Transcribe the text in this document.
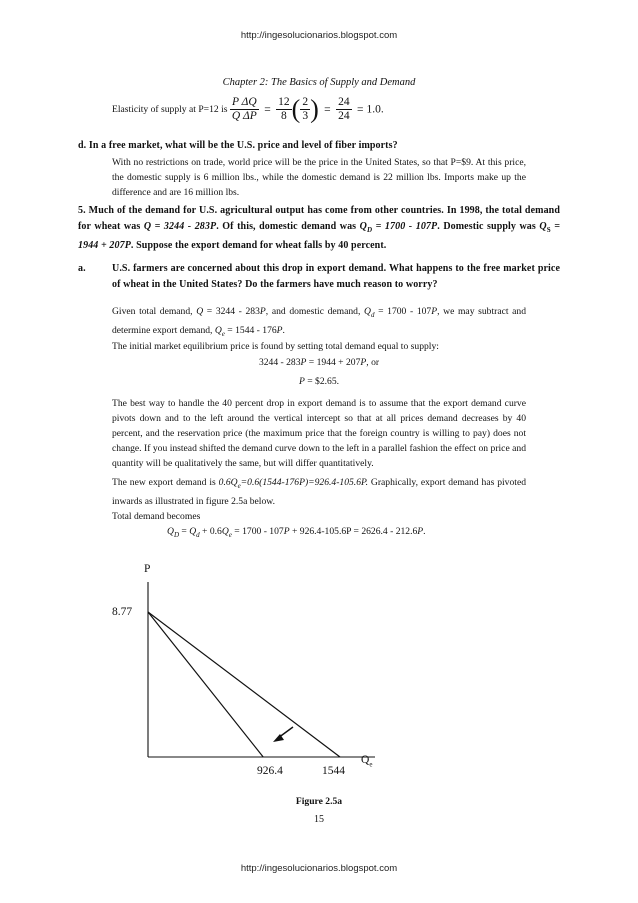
http://ingesolucionarios.blogspot.com
Chapter 2: The Basics of Supply and Demand
Elasticity of supply at P=12 is $\frac{\text{P ΔQ}}{\text{Q ΔP}} = \frac{12}{8}$ ( $\frac{2}{3}$ ) = $\frac{24}{24} = 1.0$.
d. In a free market, what will be the U.S. price and level of fiber imports?
With no restrictions on trade, world price will be the price in the United States, so that P=$9. At this price, the domestic supply is 6 million lbs., while the domestic demand is 22 million lbs. Imports make up the difference and are 16 million lbs.
5. Much of the demand for U.S. agricultural output has come from other countries. In 1998, the total demand for wheat was Q = 3244 - 283P. Of this, domestic demand was $Q_D = 1700 - 107P$. Domestic supply was $Q_S = 1944 + 207P$. Suppose the export demand for wheat falls by 40 percent.
a.	U.S. farmers are concerned about this drop in export demand. What happens to the free market price of wheat in the United States? Do the farmers have much reason to worry?
Given total demand, Q = 3244 - 283P, and domestic demand, $Q_d = 1700 - 107P$, we may subtract and determine export demand, $Q_e = 1544 - 176P$.
The initial market equilibrium price is found by setting total demand equal to supply:
3244 - 283P = 1944 + 207P, or
P = $2.65.
The best way to handle the 40 percent drop in export demand is to assume that the export demand curve pivots down and to the left around the vertical intercept so that at all prices demand decreases by 40 percent, and the reservation price (the maximum price that the foreign country is willing to pay) does not change. If you instead shifted the demand curve down to the left in a parallel fashion the effect on price and quantity will be qualitatively the same, but will differ quantitatively.
The new export demand is $0.6Q_e=0.6(1544-176P)=926.4-105.6P$. Graphically, export demand has pivoted inwards as illustrated in figure 2.5a below.
Total demand becomes
$Q_D = Q_d + 0.6Q_e = 1700 - 107P + 926.4-105.6P = 2626.4 - 212.6P$.
P
8.77
$Q_e$
926.4	1544
Figure 2.5a
15
http://ingesolucionarios.blogspot.com
